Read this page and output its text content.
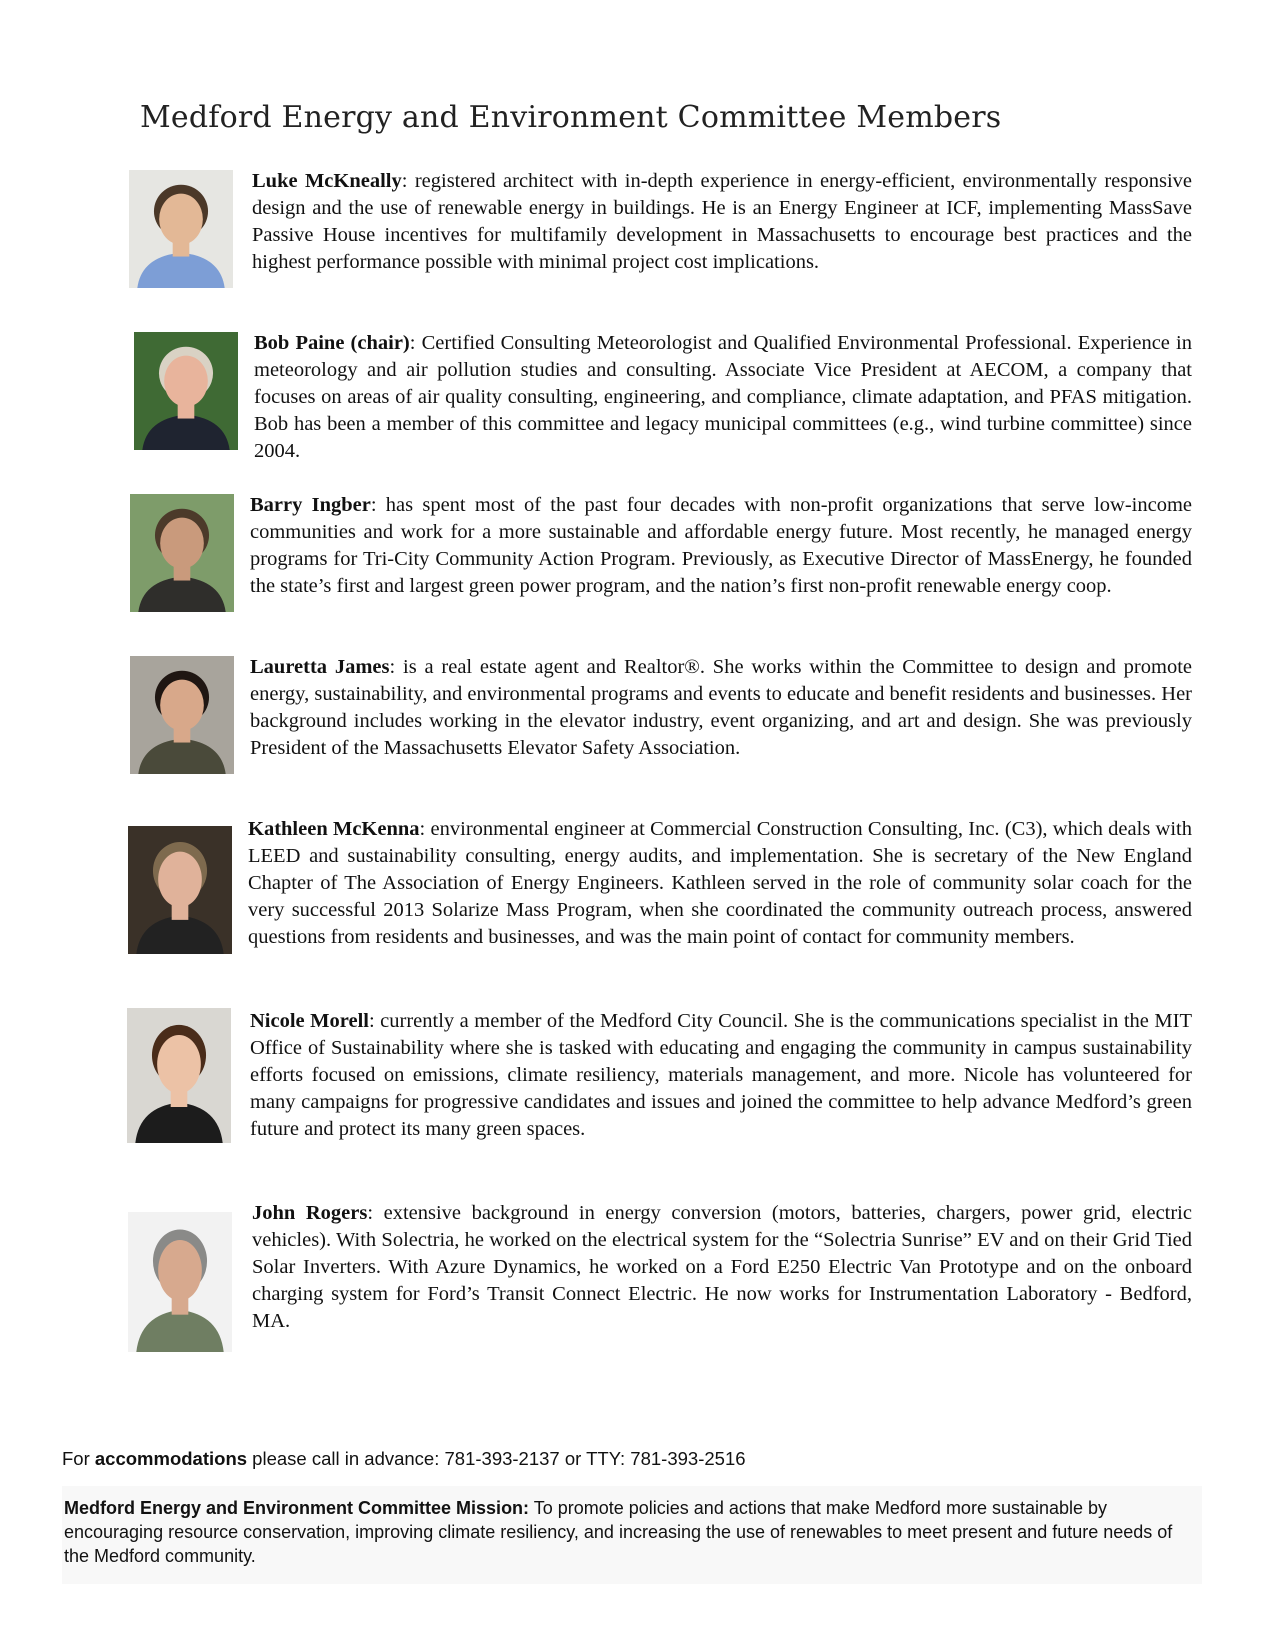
Medford Energy and Environment Committee Members

Luke McKneally: registered architect with in-depth experience in energy-efficient, environmentally responsive design and the use of renewable energy in buildings. He is an Energy Engineer at ICF, implementing MassSave Passive House incentives for multifamily development in Massachusetts to encourage best practices and the highest performance possible with minimal project cost implications.

Bob Paine (chair): Certified Consulting Meteorologist and Qualified Environmental Professional. Experience in meteorology and air pollution studies and consulting. Associate Vice President at AECOM, a company that focuses on areas of air quality consulting, engineering, and compliance, climate adaptation, and PFAS mitigation. Bob has been a member of this committee and legacy municipal committees (e.g., wind turbine committee) since 2004.

Barry Ingber: has spent most of the past four decades with non-profit organizations that serve low-income communities and work for a more sustainable and affordable energy future. Most recently, he managed energy programs for Tri-City Community Action Program. Previously, as Executive Director of MassEnergy, he founded the state’s first and largest green power program, and the nation’s first non-profit renewable energy coop.

Lauretta James: is a real estate agent and Realtor®. She works within the Committee to design and promote energy, sustainability, and environmental programs and events to educate and benefit residents and businesses. Her background includes working in the elevator industry, event organizing, and art and design. She was previously President of the Massachusetts Elevator Safety Association.

Kathleen McKenna: environmental engineer at Commercial Construction Consulting, Inc. (C3), which deals with LEED and sustainability consulting, energy audits, and implementation. She is secretary of the New England Chapter of The Association of Energy Engineers. Kathleen served in the role of community solar coach for the very successful 2013 Solarize Mass Program, when she coordinated the community outreach process, answered questions from residents and businesses, and was the main point of contact for community members.

Nicole Morell: currently a member of the Medford City Council. She is the communications specialist in the MIT Office of Sustainability where she is tasked with educating and engaging the community in campus sustainability efforts focused on emissions, climate resiliency, materials management, and more. Nicole has volunteered for many campaigns for progressive candidates and issues and joined the committee to help advance Medford’s green future and protect its many green spaces.

John Rogers: extensive background in energy conversion (motors, batteries, chargers, power grid, electric vehicles). With Solectria, he worked on the electrical system for the “Solectria Sunrise” EV and on their Grid Tied Solar Inverters. With Azure Dynamics, he worked on a Ford E250 Electric Van Prototype and on the onboard charging system for Ford’s Transit Connect Electric. He now works for Instrumentation Laboratory - Bedford, MA.

For accommodations please call in advance: 781-393-2137 or TTY: 781-393-2516

Medford Energy and Environment Committee Mission: To promote policies and actions that make Medford more sustainable by encouraging resource conservation, improving climate resiliency, and increasing the use of renewables to meet present and future needs of the Medford community.
